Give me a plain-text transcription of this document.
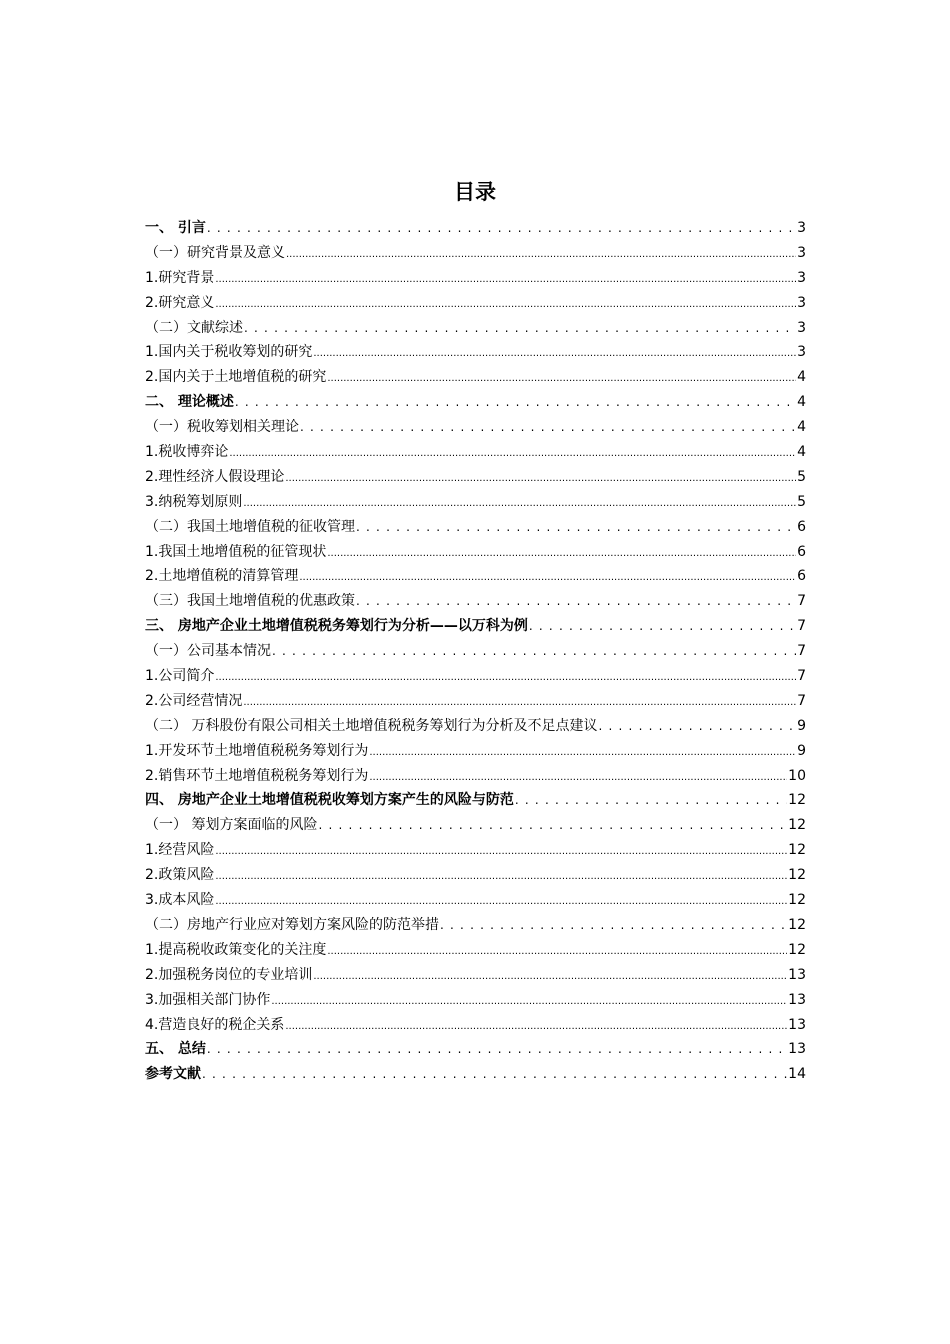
目录
一、 引言 . . .	3
（一）研究背景及意义 .....	3
1.研究背景 .....	3
2.研究意义 .....	3
（二）文献综述 . . .	3
1.国内关于税收筹划的研究 .....	3
2.国内关于土地增值税的研究 .....	4
二、 理论概述 . . .	4
（一）税收筹划相关理论 . . .	4
1.税收博弈论 .....	4
2.理性经济人假设理论 .....	5
3.纳税筹划原则 .....	5
（二）我国土地增值税的征收管理 . . .	6
1.我国土地增值税的征管现状 .....	6
2.土地增值税的清算管理 .....	6
（三）我国土地增值税的优惠政策 . . .	7
三、 房地产企业土地增值税税务筹划行为分析——以万科为例 . . .	7
（一）公司基本情况 . . .	7
1.公司简介 .....	7
2.公司经营情况 .....	7
（二） 万科股份有限公司相关土地增值税税务筹划行为分析及不足点建议 . . .	9
1.开发环节土地增值税税务筹划行为 .....	9
2.销售环节土地增值税税务筹划行为 .....	10
四、 房地产企业土地增值税税收筹划方案产生的风险与防范 . . .	12
（一） 筹划方案面临的风险 . . .	12
1.经营风险 .....	12
2.政策风险 .....	12
3.成本风险 .....	12
（二）房地产行业应对筹划方案风险的防范举措 . . .	12
1.提高税收政策变化的关注度 .....	12
2.加强税务岗位的专业培训 .....	13
3.加强相关部门协作 .....	13
4.营造良好的税企关系 .....	13
五、 总结 . . .	13
参考文献 . . .	14
